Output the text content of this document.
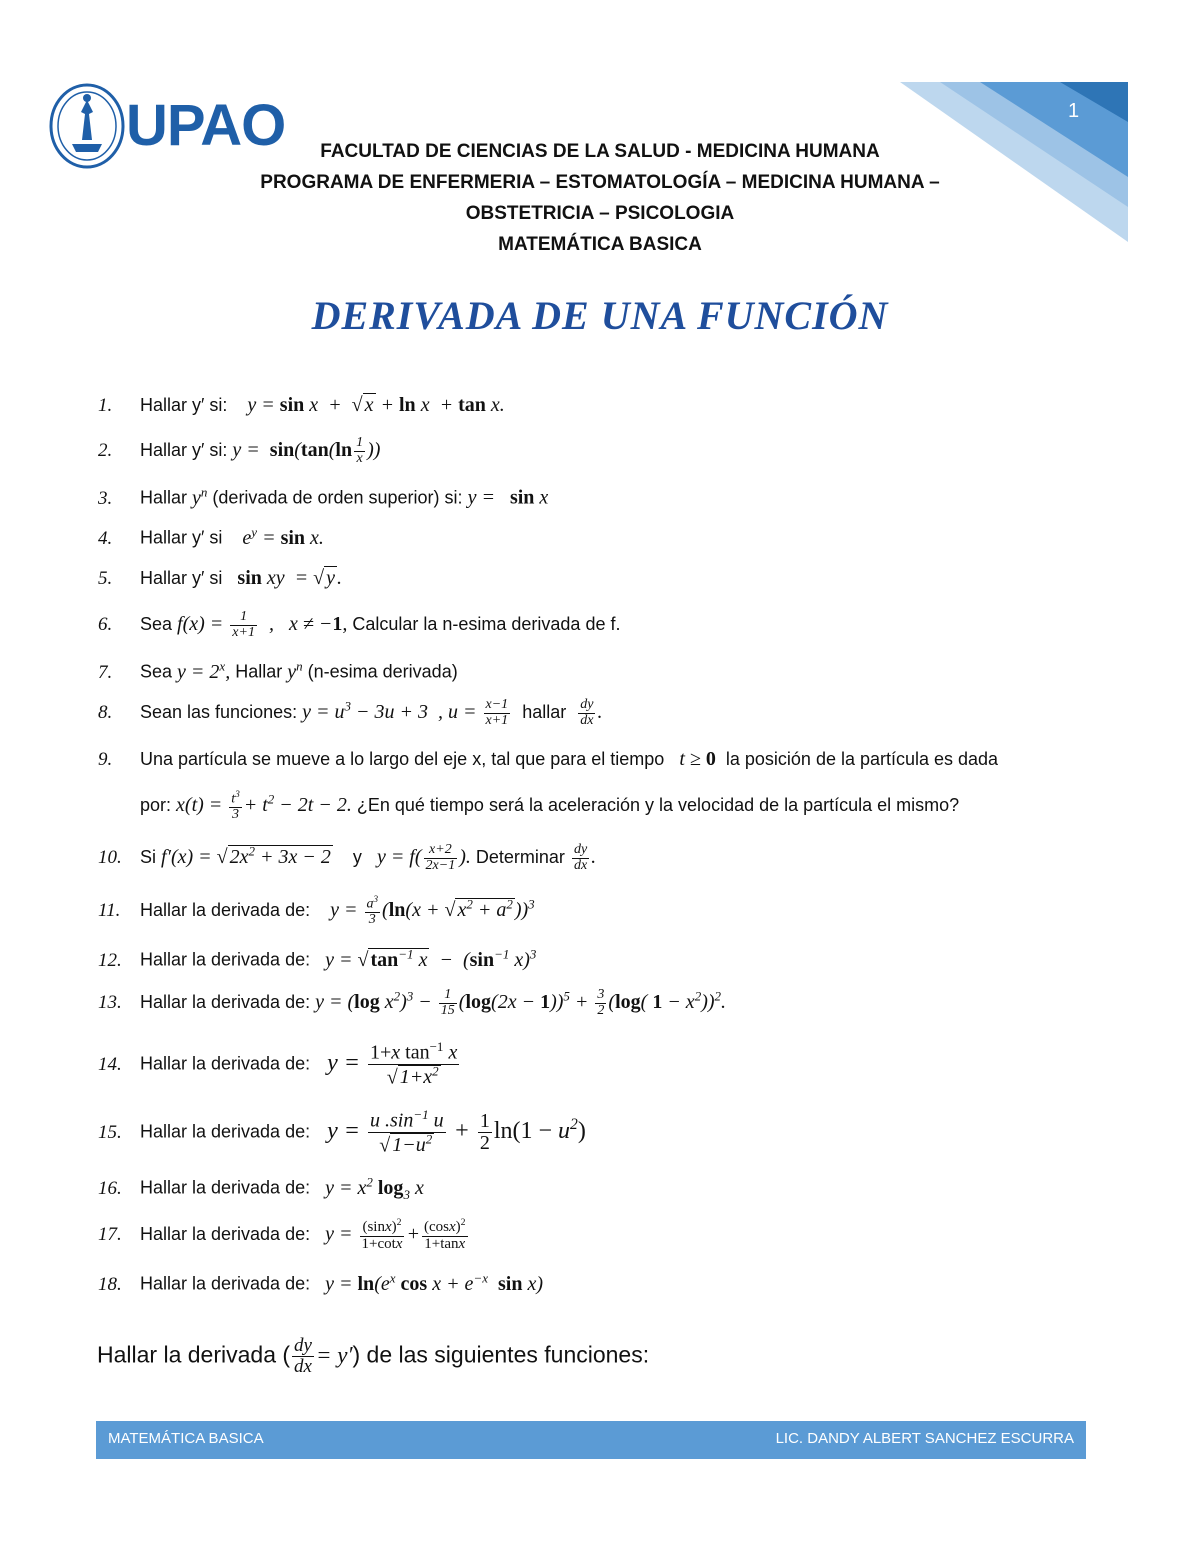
1
UPAO	FACULTAD DE CIENCIAS DE LA SALUD - MEDICINA HUMANA
PROGRAMA DE ENFERMERIA – ESTOMATOLOGÍA – MEDICINA HUMANA –
OBSTETRICIA – PSICOLOGIA
MATEMÁTICA BASICA
DERIVADA DE UNA FUNCIÓN
1. Hallar y′ si:    y = sin x  +  √ x + ln x  + tan x.
2. Hallar y′ si: $y = \sin(\tan(\ln \frac{1}{x}$ ))
3. Hallar $y^n$ (derivada de orden superior) si: y =   sin x
4. Hallar y′ si    $e^y = \sin x$.
5. Hallar y′ si sin xy  = √ y .
6. Sea $f(x) = \frac{1}{x+1}$ ,   x ≠ −1, Calcular la n-esima derivada de f.
7. Sea $y = 2^x$, Hallar $y^n$ (n-esima derivada)
8. Sean las funciones: $y = u^3 - 3u + 3$  , $u = \frac{x-1}{x+1}$ hallar $\frac{dy}{dx}$ .
9. Una partícula se mueve a lo largo del eje x, tal que para el tiempo   t ≥ 0 la posición de la partícula es dada
por: $x(t) = \frac{t^3}{3} + t^2 - 2t - 2$. ¿En qué tiempo será la aceleración y la velocidad de la partícula el mismo?
10. Si f′(x) = √ $2x^2 + 3x - 2$ y $y = f( \frac{x+2}{2x-1}$ ). Determinar $\frac{dy}{dx}$ .
11. Hallar la derivada de:    $y = \frac{a^3}{3} (\ln(x$ + √ $x^2 + a^2$ ))$^3$
12. Hallar la derivada de:   y = √ $\tan^{-1} x - (\sin^{-1}$ x)$^3$
13. Hallar la derivada de: y = (log $x^2)^3 - \frac{1}{15} (\log(2x - 1))^5 + \frac{3}{2} (\log$( $1 - x^2))^2$.
14. Hallar la derivada de:   $y = \frac{1+x \tan^{-1} x}{√ 1+x^2}$
15. Hallar la derivada de:   $y = \frac{u .\sin^{-1} u}{√ 1-u^2} + \frac{1}{2} \ln(1 - u^2)$
16. Hallar la derivada de:   $y = x^2$ $\log_3 x$
17. Hallar la derivada de:   $y = \frac{(\sin x)^2}{1+\cot x} + \frac{(\cos x)^2}{1+\tan x}$
18. Hallar la derivada de:   $y = \ln(e^x$ $\cos x + e^{-x}$ sin x)
Hallar la derivada ( $\frac{dy}{dx} = y'$) de las siguientes funciones:
MATEMÁTICA BASICA	LIC. DANDY ALBERT SANCHEZ ESCURRA
